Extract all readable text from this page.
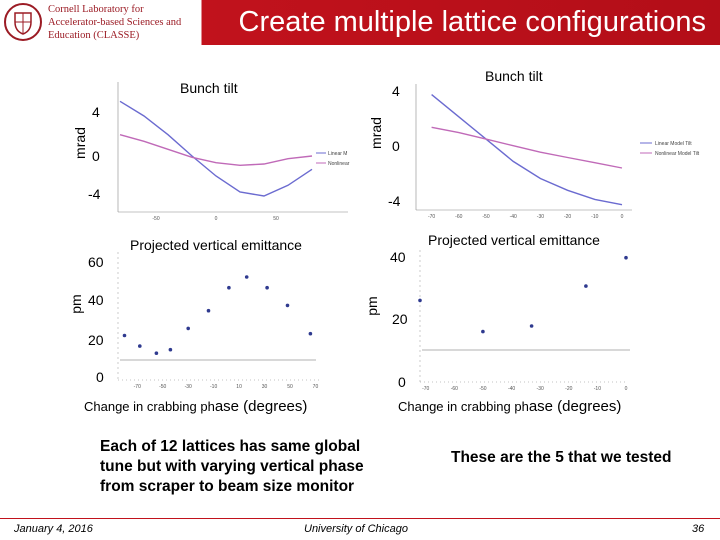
Cornell Laboratory for
Accelerator-based Sciences and
Education (CLASSE)	Create multiple lattice configurations
Bunch tilt
mrad
4
0
-4
Linear M
Nonlinear
-50	0	50
Bunch tilt
mrad
4
0
-4
Linear Model Tilt
Nonlinear Model Tilt
-70	-60	-50	-40	-30	-20	-10	0
Projected vertical emittance
pm
60
40
20
0
-70	-50	-30	-10	10	30	50	70
Change in crabbing phase (degrees)
Projected vertical emittance
pm
40
20
0	-70	-60	-50	-40	-30	-20	-10	0
Change in crabbing phase (degrees)
Each of 12 lattices has same global
tune but with varying vertical phase
from scraper to beam size monitor
These are the 5 that we tested
January 4, 2016	University of Chicago	36
